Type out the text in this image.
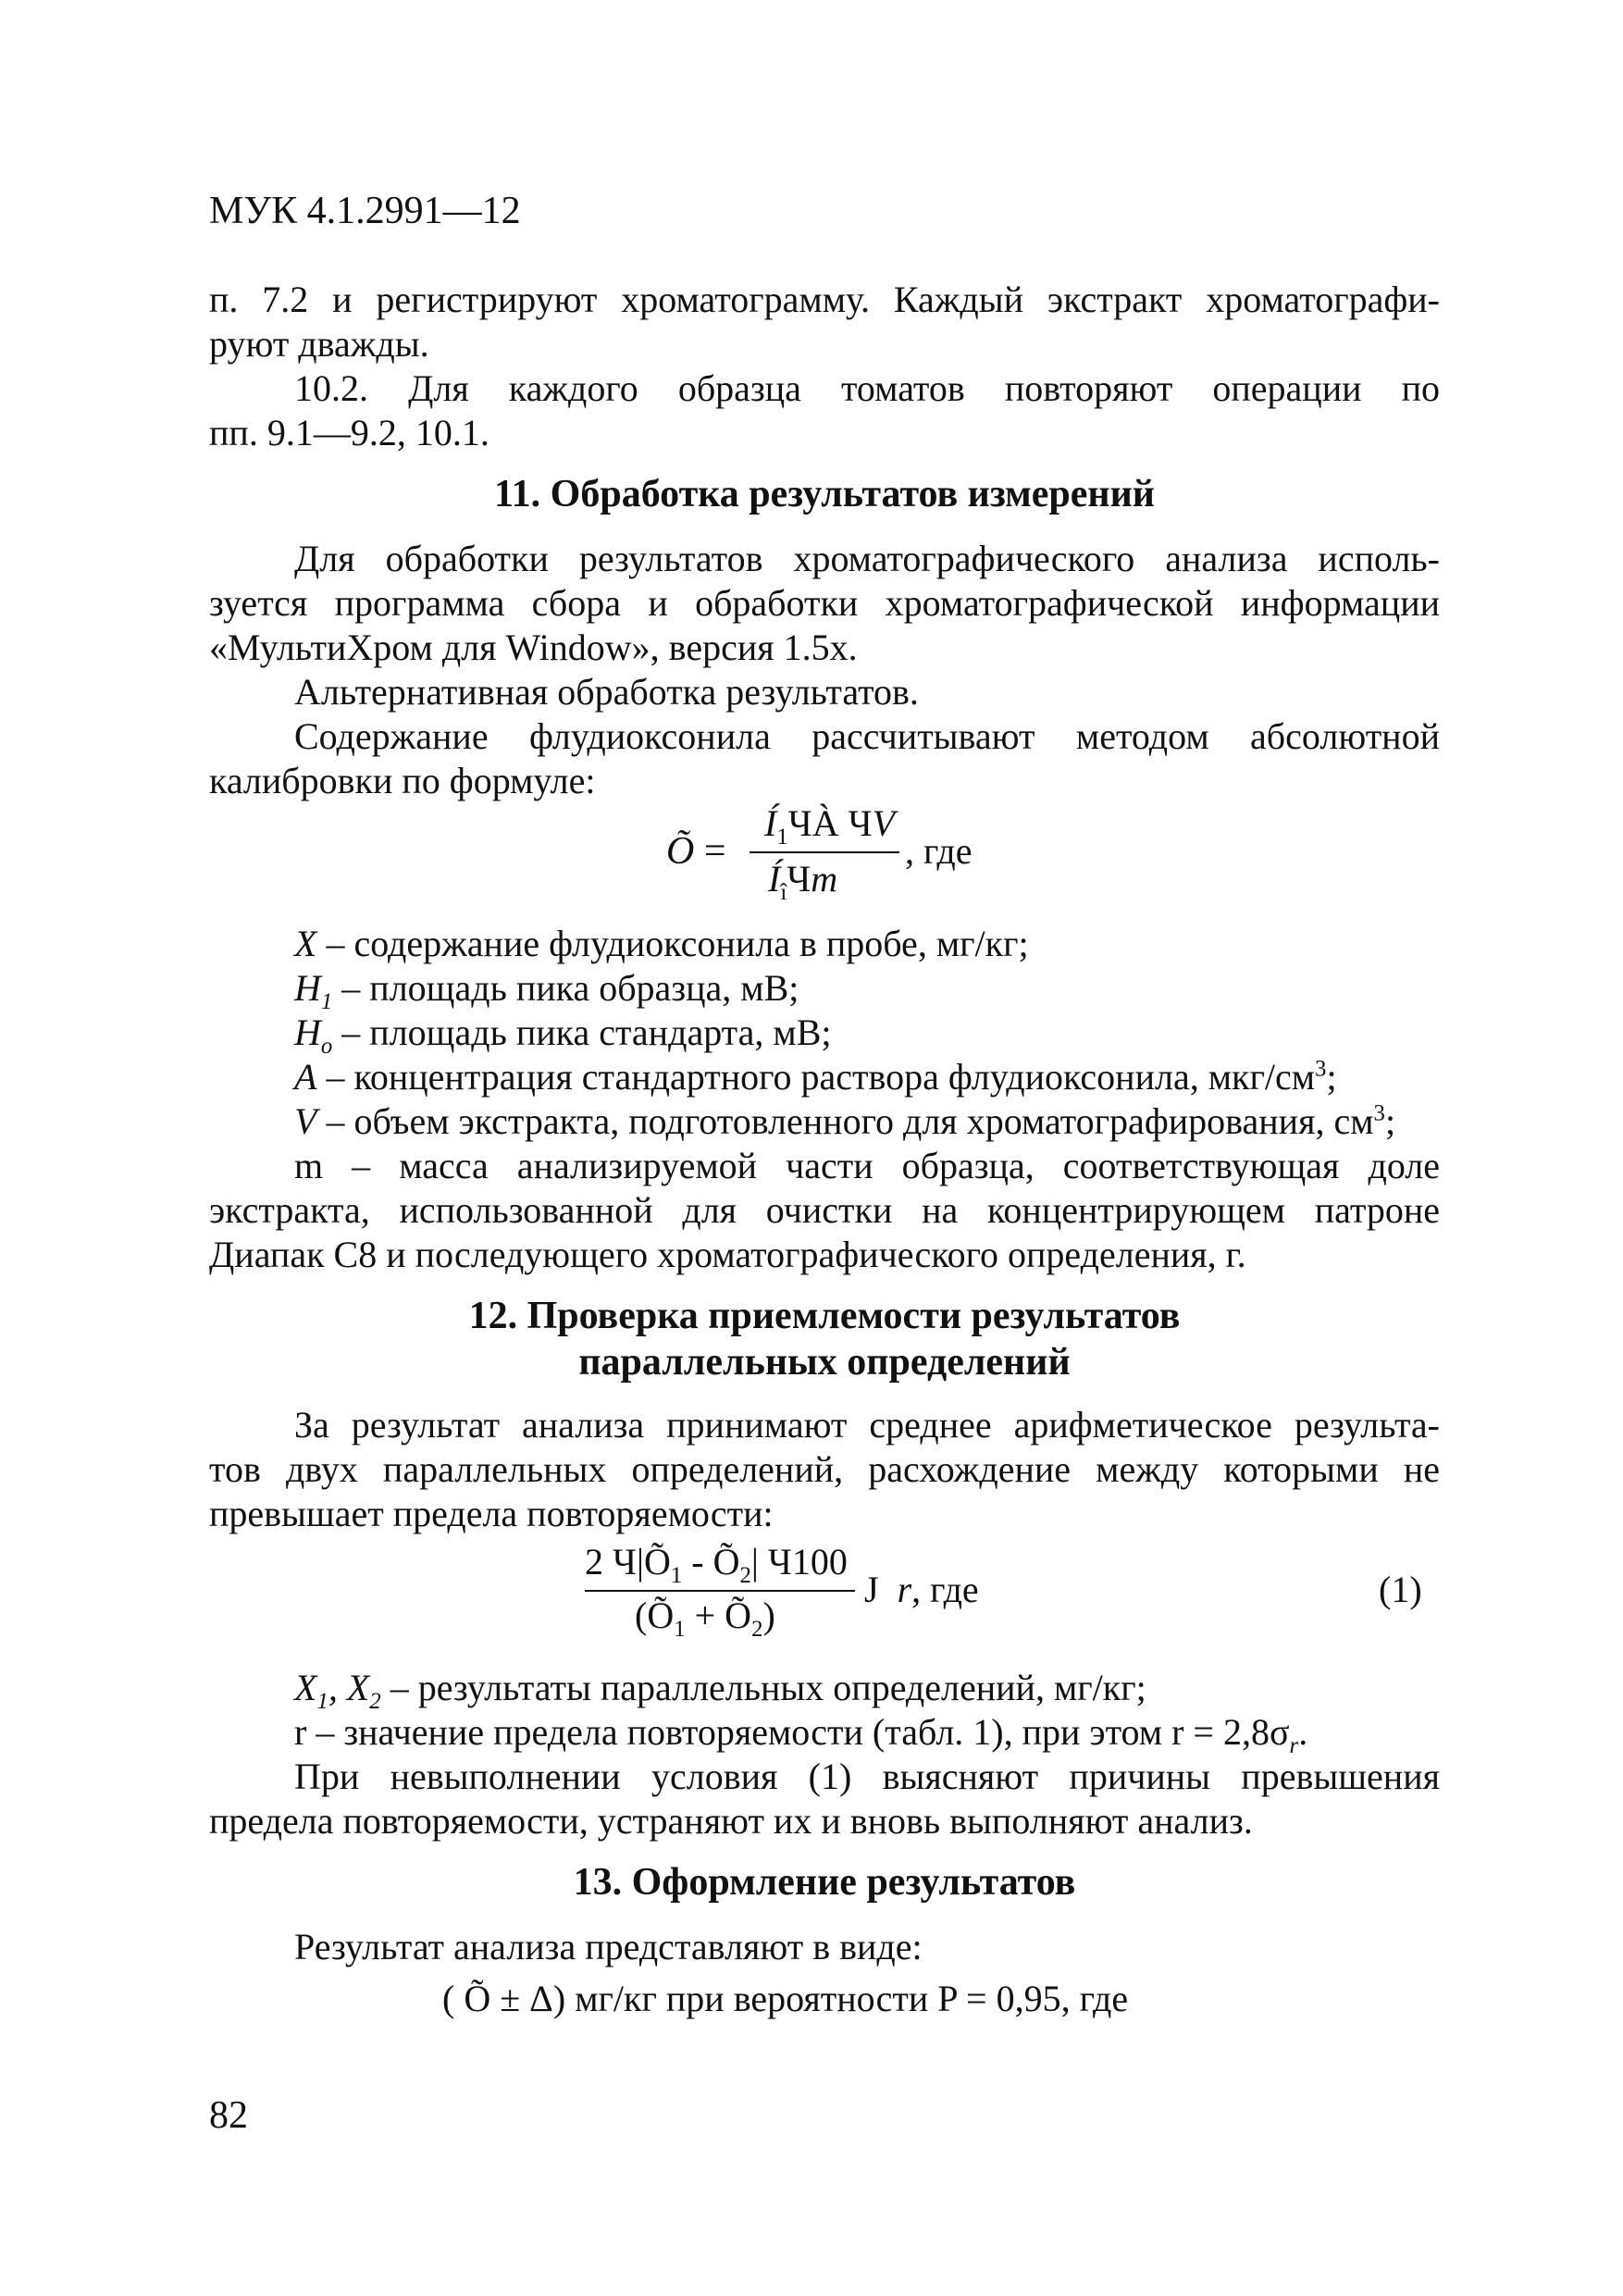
МУК 4.1.2991—12
п. 7.2 и регистрируют хроматограмму. Каждый экстракт хроматографи-
руют дважды.
10.2. Для каждого образца томатов повторяют операции по
пп. 9.1—9.2, 10.1.
11. Обработка результатов измерений
Для обработки результатов хроматографического анализа исполь-
зуется программа сбора и обработки хроматографической информации
«МультиХром для Window», версия 1.5х.
Альтернативная обработка результатов.
Содержание флудиоксонила рассчитывают методом абсолютной
калибровки по формуле:
Õ =
$Í_1ЧÀ$ ЧV
$Í_îЧm$
, где
X – содержание флудиоксонила в пробе, мг/кг;
$H_1$ – площадь пика образца, мВ;
$H_o$ – площадь пика стандарта, мВ;
A – концентрация стандартного раствора флудиоксонила, мкг/$см^3$;
V – объем экстракта, подготовленного для хроматографирования, $см^3$;
m – масса анализируемой части образца, соответствующая доле
экстракта, использованной для очистки на концентрирующем патроне
Диапак С8 и последующего хроматографического определения, г.
12. Проверка приемлемости результатов
параллельных определений
За результат анализа принимают среднее арифметическое результа-
тов двух параллельных определений, расхождение между которыми не
превышает предела повторяемости:
2 $Ч|Õ_1$ - $Õ_2|$ Ч100
($Õ_1$ + $Õ_2$)
J r, где	(1)
$X_1$, $X_2$ – результаты параллельных определений, мг/кг;
r – значение предела повторяемости (табл. 1), при этом $r = 2,8\sigma_r$.
При невыполнении условия (1) выясняют причины превышения
предела повторяемости, устраняют их и вновь выполняют анализ.
13. Оформление результатов
Результат анализа представляют в виде:
( Õ ± Δ) мг/кг при вероятности P = 0,95, где
82
